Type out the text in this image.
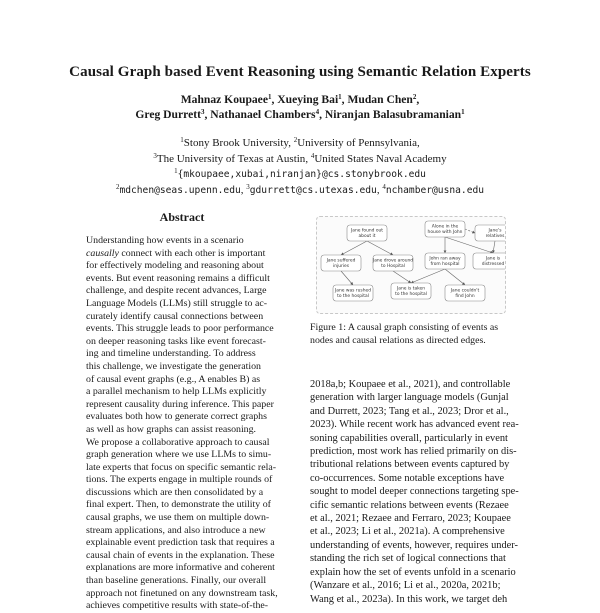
Causal Graph based Event Reasoning using Semantic Relation Experts
Mahnaz Koupaee$^1$, Xueying Bai$^1$, Mudan Chen$^2$,
Greg Durrett$^3$, Nathanael Chambers$^4$, Niranjan Balasubramanian$^1$
$^1$Stony Brook University, $^2$University of Pennsylvania,
$^3$The University of Texas at Austin, $^4$United States Naval Academy
$^1${mkoupaee,xubai,niranjan}@cs.stonybrook.edu
$^2$mdchen@seas.upenn.edu, $^3$gdurrett@cs.utexas.edu, $^4$nchamber@usna.edu
Abstract
Understanding how events in a scenario
causally connect with each other is important
for effectively modeling and reasoning about
events. But event reasoning remains a difficult
challenge, and despite recent advances, Large
Language Models (LLMs) still struggle to ac-
curately identify causal connections between
events. This struggle leads to poor performance
on deeper reasoning tasks like event forecast-
ing and timeline understanding. To address
this challenge, we investigate the generation
of causal event graphs (e.g., A enables B) as
a parallel mechanism to help LLMs explicitly
represent causality during inference. This paper
evaluates both how to generate correct graphs
as well as how graphs can assist reasoning.
We propose a collaborative approach to causal
graph generation where we use LLMs to simu-
late experts that focus on specific semantic rela-
tions. The experts engage in multiple rounds of
discussions which are then consolidated by a
final expert. Then, to demonstrate the utility of
causal graphs, we use them on multiple down-
stream applications, and also introduce a new
explainable event prediction task that requires a
causal chain of events in the explanation. These
explanations are more informative and coherent
than baseline generations. Finally, our overall
approach not finetuned on any downstream task,
achieves competitive results with state-of-the-
Jane found out
about it
Alone in the
house with John	Jane's
relatives
Jane suffered
injuries
Jane drove around
to Hospital
John ran away
from hospital
Jane is
distressed
Jane was rushed
to the hospital
Jane is taken
to the hospital
Jane couldn't
find John
Figure 1: A causal graph consisting of events as nodes and causal relations as directed edges.
2018a,b; Koupaee et al., 2021), and controllable
generation with larger language models (Gunjal
and Durrett, 2023; Tang et al., 2023; Dror et al.,
2023). While recent work has advanced event rea-
soning capabilities overall, particularly in event
prediction, most work has relied primarily on dis-
tributional relations between events captured by
co-occurrences. Some notable exceptions have
sought to model deeper connections targeting spe-
cific semantic relations between events (Rezaee
et al., 2021; Rezaee and Ferraro, 2023; Koupaee
et al., 2023; Li et al., 2021a). A comprehensive
understanding of events, however, requires under-
standing the rich set of logical connections that
explain how the set of events unfold in a scenario
(Wanzare et al., 2016; Li et al., 2020a, 2021b;
Wang et al., 2023a). In this work, we target deh
